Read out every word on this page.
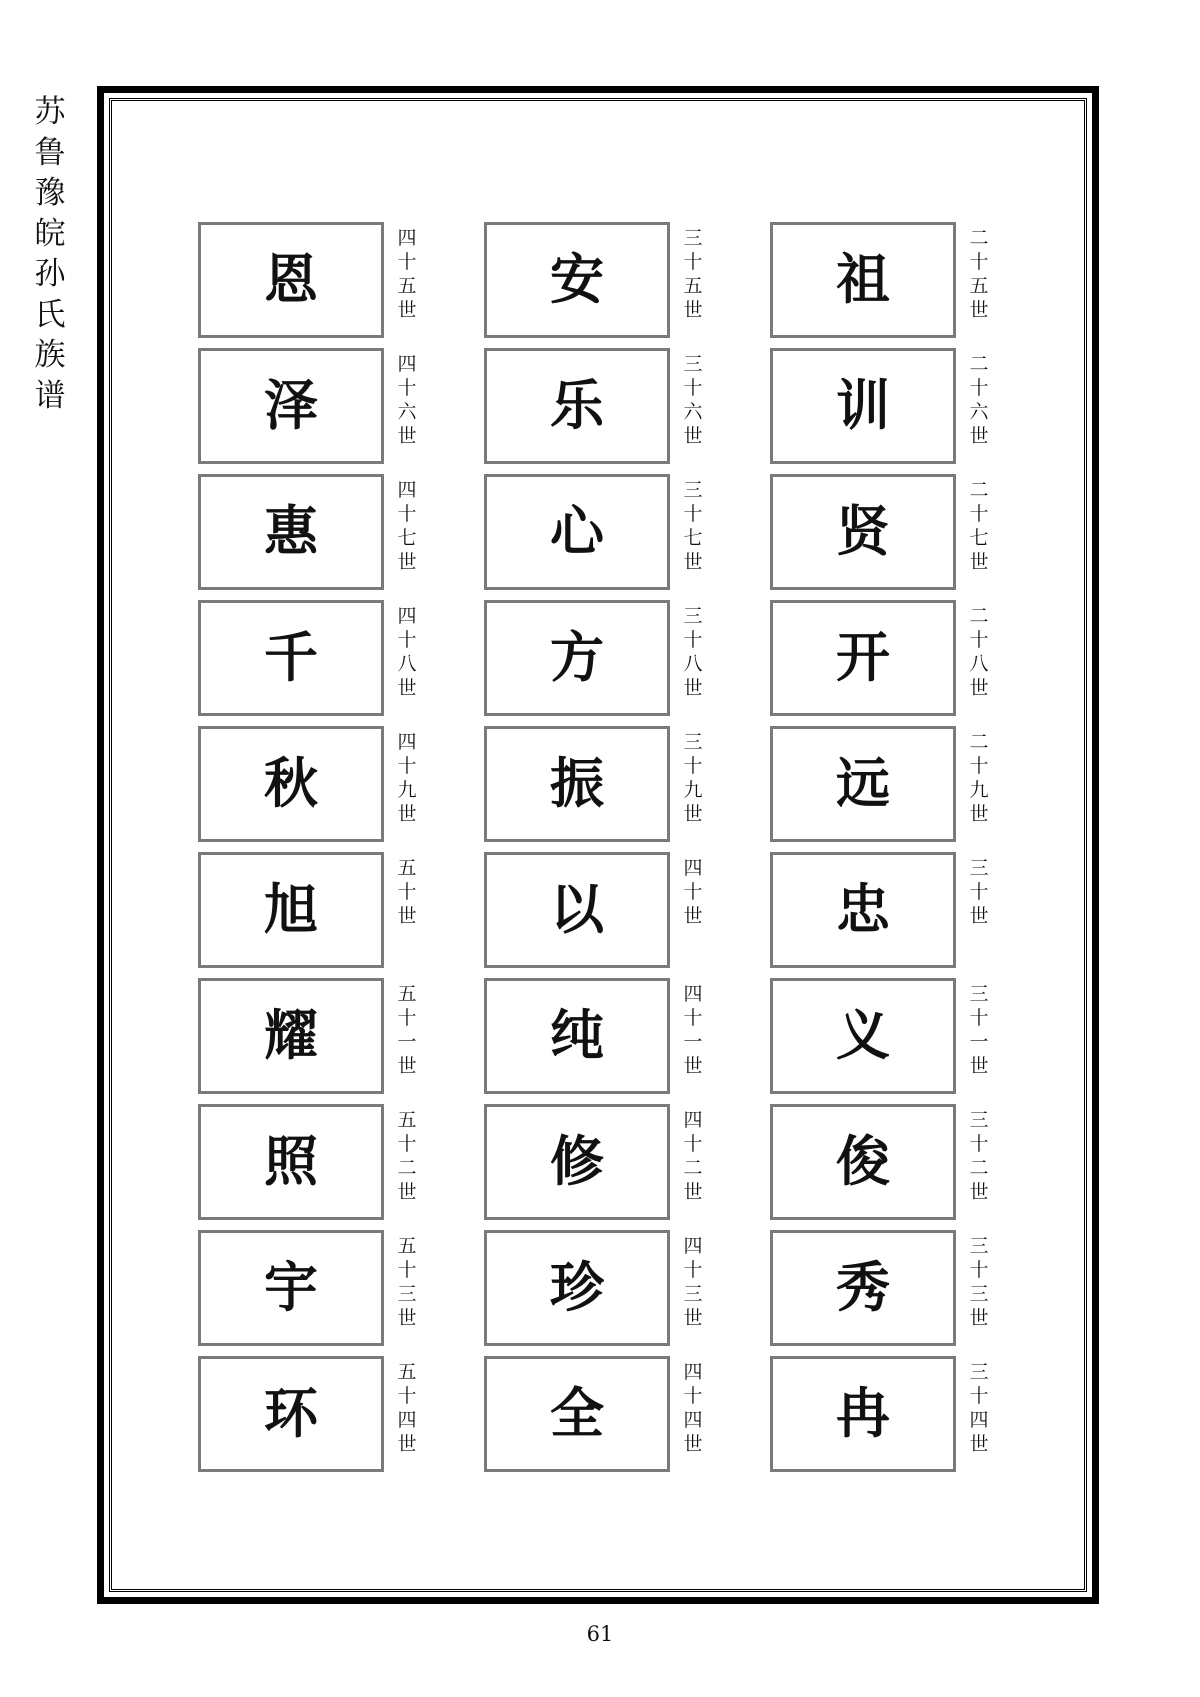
苏
鲁
豫
皖
孙
氏
族
谱
祖
二
十
五
世
训
二
十
六
世
贤
二
十
七
世
开
二
十
八
世
远
二
十
九
世
忠
三
十
世
义
三
十
一
世
俊
三
十
二
世
秀
三
十
三
世
冉
三
十
四
世
安
三
十
五
世
乐
三
十
六
世
心
三
十
七
世
方
三
十
八
世
振
三
十
九
世
以
四
十
世
纯
四
十
一
世
修
四
十
二
世
珍
四
十
三
世
全
四
十
四
世
恩
四
十
五
世
泽
四
十
六
世
惠
四
十
七
世
千
四
十
八
世
秋
四
十
九
世
旭
五
十
世
耀
五
十
一
世
照
五
十
二
世
宇
五
十
三
世
环
五
十
四
世
61
